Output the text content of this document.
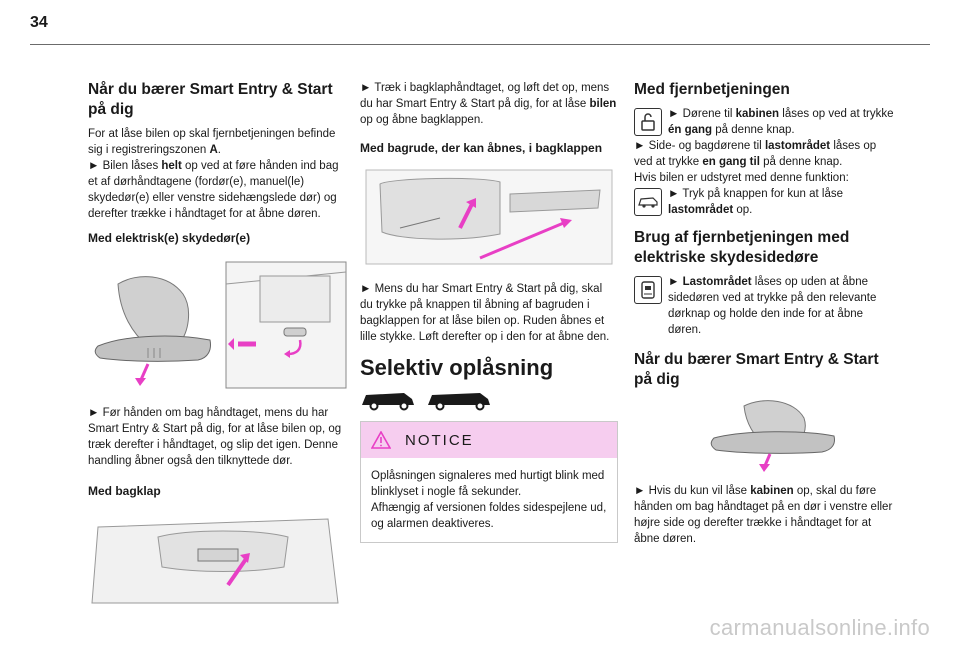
34
Når du bærer Smart Entry & Start på dig

For at låse bilen op skal fjernbetjeningen befinde sig i registreringszonen A.

► Bilen låses helt op ved at føre hånden ind bag et af dørhåndtagene (fordør(e), manuel(le) skydedør(e) eller venstre sidehængslede dør) og derefter trække i håndtaget for at åbne døren.

Med elektrisk(e) skydedør(e)

► Før hånden om bag håndtaget, mens du har Smart Entry & Start på dig, for at låse bilen op, og træk derefter i håndtaget, og slip det igen. Denne handling åbner også den tilknyttede dør.

Med bagklap

► Træk i bagklaphåndtaget, og løft det op, mens du har Smart Entry & Start på dig, for at låse bilen op og åbne bagklappen.

Med bagrude, der kan åbnes, i bagklappen

► Mens du har Smart Entry & Start på dig, skal du trykke på knappen til åbning af bagruden i bagklappen for at låse bilen op. Ruden åbnes et lille stykke. Løft derefter op i den for at åbne den.

Selektiv oplåsning
NOTICE

Oplåsningen signaleres med hurtigt blink med blinklyset i nogle få sekunder.
Afhængig af versionen foldes sidespejlene ud, og alarmen deaktiveres.

Med fjernbetjeningen

► Dørene til kabinen låses op ved at trykke én gang på denne knap.

► Side- og bagdørene til lastområdet låses op ved at trykke en gang til på denne knap.

Hvis bilen er udstyret med denne funktion:

► Tryk på knappen for kun at låse lastområdet op.

Brug af fjernbetjeningen med elektriske skydesidedøre

► Lastområdet låses op uden at åbne sidedøren ved at trykke på den relevante dørknap og holde den inde for at åbne døren.

Når du bærer Smart Entry & Start på dig

► Hvis du kun vil låse kabinen op, skal du føre hånden om bag håndtaget på en dør i venstre eller højre side og derefter trække i håndtaget for at åbne døren.

carmanualsonline.info
